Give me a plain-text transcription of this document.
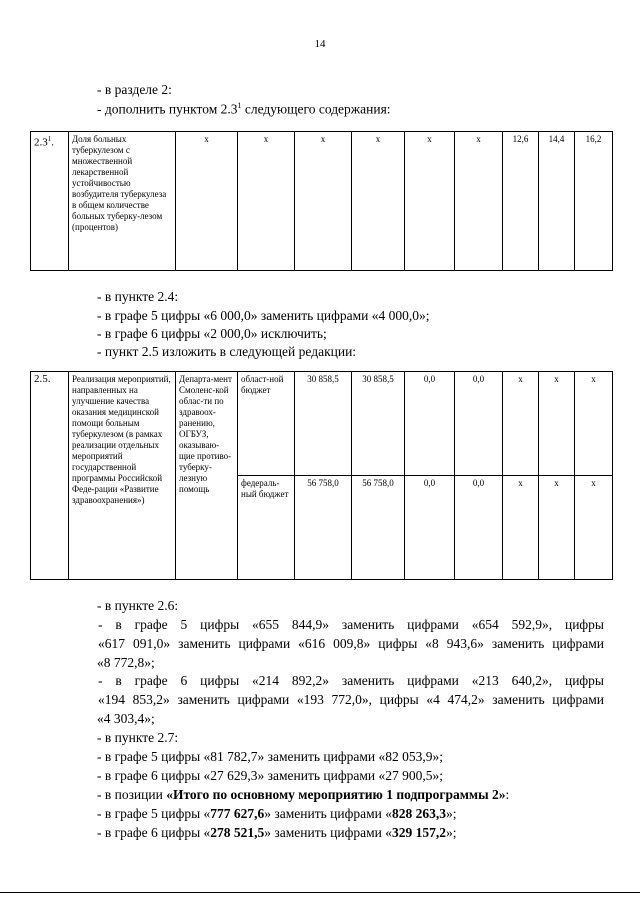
14
- в разделе 2:
- дополнить пунктом $2.3^1$ следующего содержания:
$2.3^1$.	Доля больных туберкулезом с множественной лекарственной устойчивостью возбудителя туберкулеза в общем количестве больных туберку-лезом (процентов)	х	х	х	х	х	х	12,6	14,4	16,2
- в пункте 2.4:
- в графе 5 цифры «6 000,0» заменить цифрами «4 000,0»;
- в графе 6 цифры «2 000,0» исключить;
- пункт 2.5 изложить в следующей редакции:
2.5.	Реализация мероприятий, направленных на улучшение качества оказания медицинской помощи больным туберкулезом (в рамках реализации отдельных мероприятий государственной программы Российской Феде-рации «Развитие здравоохранения»)	Департа-мент Смоленс-кой облас-ти по здравоох-ранению, ОГБУЗ, оказываю-щие противо-туберку-лезную помощь	област-ной бюджет	30 858,5	30 858,5	0,0	0,0	х	х	х
			федераль-ный бюджет	56 758,0	56 758,0	0,0	0,0	х	х	х
- в пункте 2.6:
- в графе 5 цифры «655 844,9» заменить цифрами «654 592,9», цифры
«617 091,0» заменить цифрами «616 009,8» цифры «8 943,6» заменить цифрами
«8 772,8»;
- в графе 6 цифры «214 892,2» заменить цифрами «213 640,2», цифры
«194 853,2» заменить цифрами «193 772,0», цифры «4 474,2» заменить цифрами
«4 303,4»;
- в пункте 2.7:
- в графе 5 цифры «81 782,7» заменить цифрами «82 053,9»;
- в графе 6 цифры «27 629,3» заменить цифрами «27 900,5»;
- в позиции «Итого по основному мероприятию 1 подпрограммы 2»:
- в графе 5 цифры «777 627,6» заменить цифрами «828 263,3»;
- в графе 6 цифры «278 521,5» заменить цифрами «329 157,2»;
